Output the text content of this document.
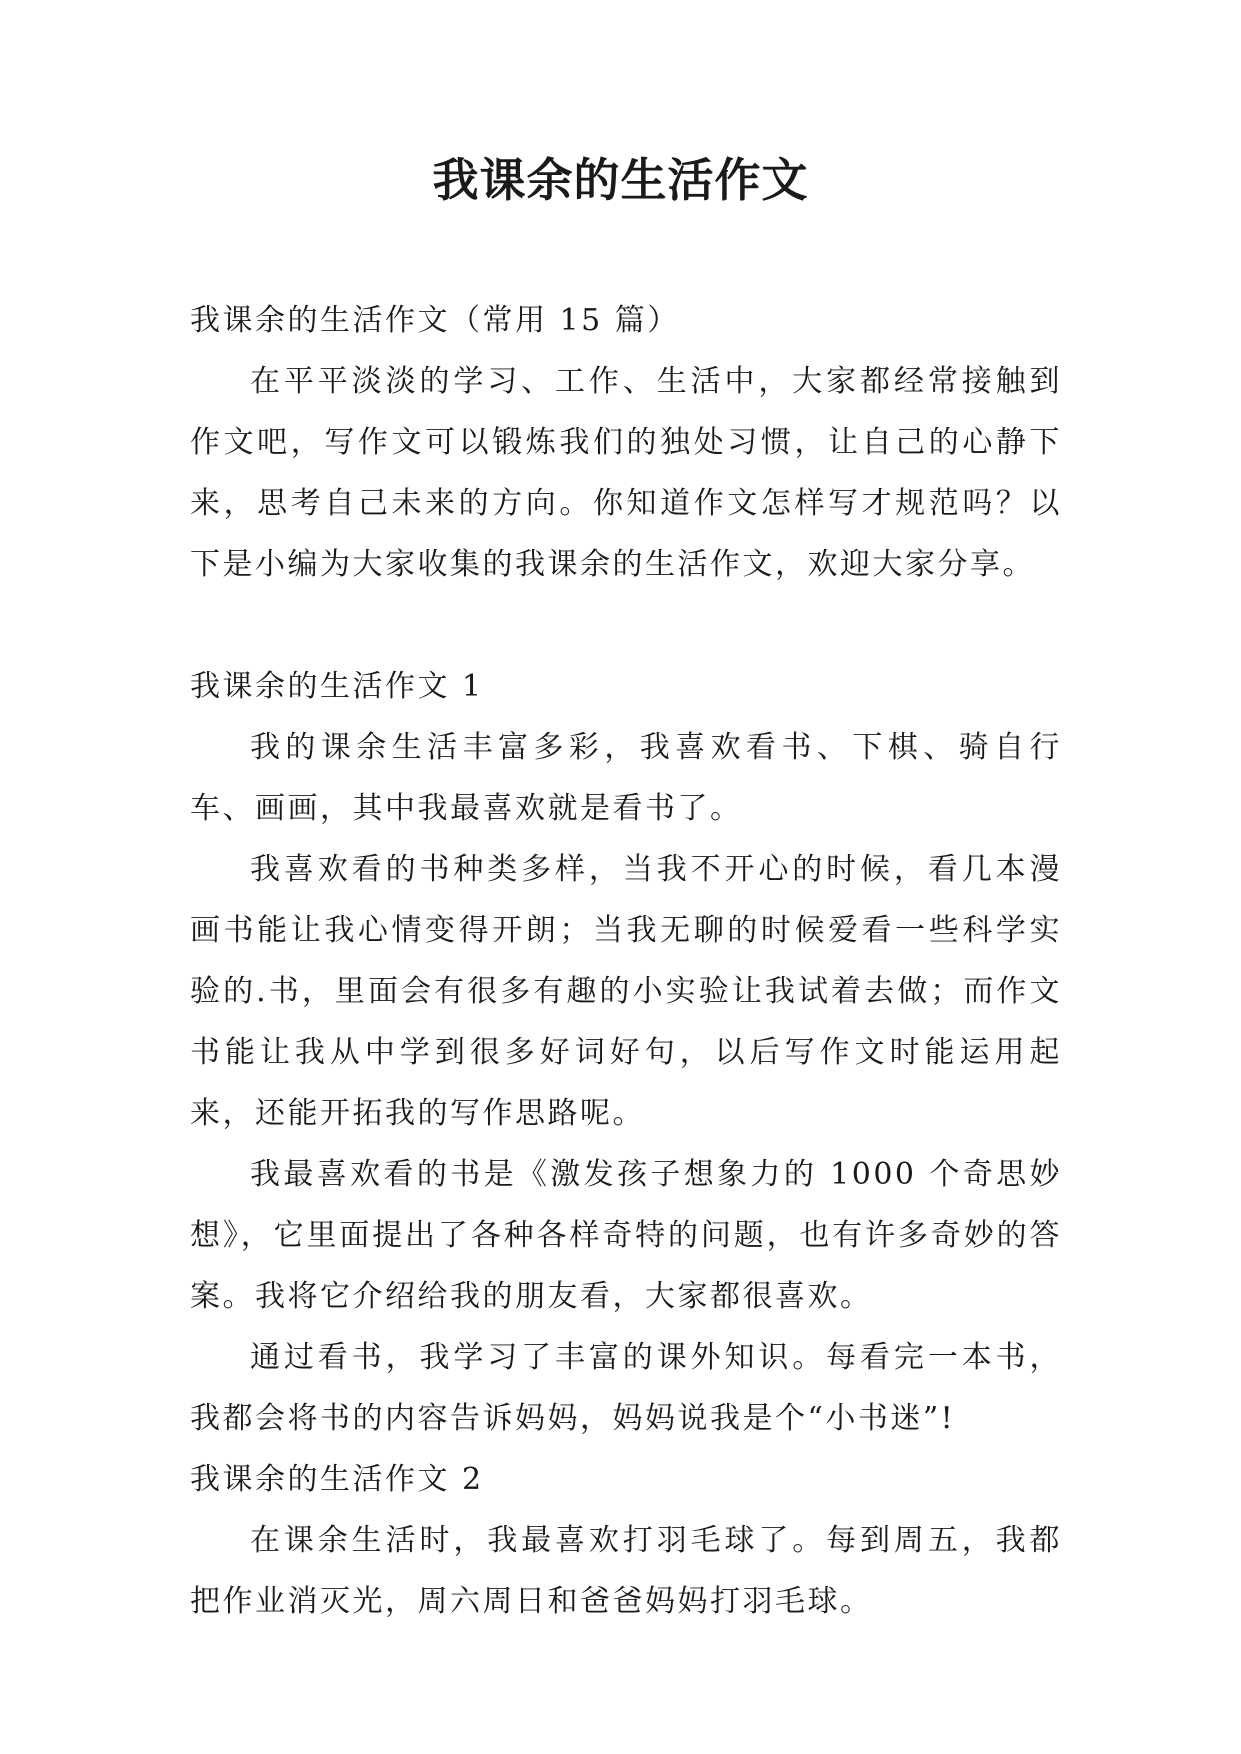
我课余的生活作文

我课余的生活作文（常用 15 篇）

在平平淡淡的学习、工作、生活中，大家都经常接触到作文吧，写作文可以锻炼我们的独处习惯，让自己的心静下来，思考自己未来的方向。你知道作文怎样写才规范吗？以下是小编为大家收集的我课余的生活作文，欢迎大家分享。

我课余的生活作文 1

我的课余生活丰富多彩，我喜欢看书、下棋、骑自行车、画画，其中我最喜欢就是看书了。

我喜欢看的书种类多样，当我不开心的时候，看几本漫画书能让我心情变得开朗；当我无聊的时候爱看一些科学实验的.书，里面会有很多有趣的小实验让我试着去做；而作文书能让我从中学到很多好词好句，以后写作文时能运用起来，还能开拓我的写作思路呢。

我最喜欢看的书是《激发孩子想象力的 1000 个奇思妙想》，它里面提出了各种各样奇特的问题，也有许多奇妙的答案。我将它介绍给我的朋友看，大家都很喜欢。

通过看书，我学习了丰富的课外知识。每看完一本书，我都会将书的内容告诉妈妈，妈妈说我是个“小书迷”!

我课余的生活作文 2

在课余生活时，我最喜欢打羽毛球了。每到周五，我都把作业消灭光，周六周日和爸爸妈妈打羽毛球。
